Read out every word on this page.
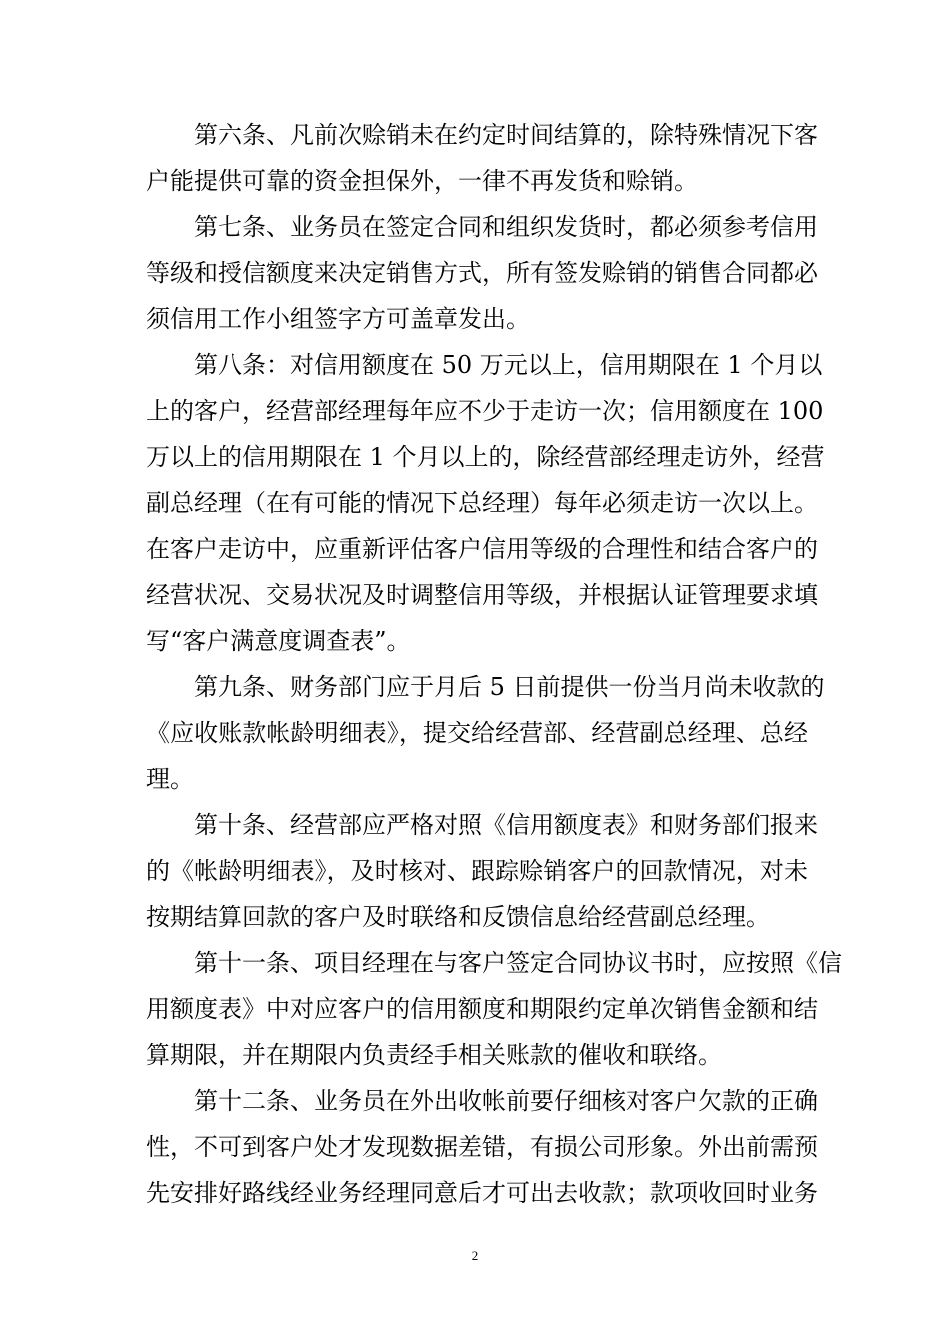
第六条、凡前次赊销未在约定时间结算的，除特殊情况下客
户能提供可靠的资金担保外，一律不再发货和赊销。
第七条、业务员在签定合同和组织发货时，都必须参考信用
等级和授信额度来决定销售方式，所有签发赊销的销售合同都必
须信用工作小组签字方可盖章发出。
第八条：对信用额度在 50 万元以上，信用期限在 1 个月以
上的客户，经营部经理每年应不少于走访一次；信用额度在 100
万以上的信用期限在 1 个月以上的，除经营部经理走访外，经营
副总经理（在有可能的情况下总经理）每年必须走访一次以上。
在客户走访中，应重新评估客户信用等级的合理性和结合客户的
经营状况、交易状况及时调整信用等级，并根据认证管理要求填
写“客户满意度调查表”。
第九条、财务部门应于月后 5 日前提供一份当月尚未收款的
《应收账款帐龄明细表》，提交给经营部、经营副总经理、总经
理。
第十条、经营部应严格对照《信用额度表》和财务部们报来
的《帐龄明细表》，及时核对、跟踪赊销客户的回款情况，对未
按期结算回款的客户及时联络和反馈信息给经营副总经理。
第十一条、项目经理在与客户签定合同协议书时，应按照《信
用额度表》中对应客户的信用额度和期限约定单次销售金额和结
算期限，并在期限内负责经手相关账款的催收和联络。
第十二条、业务员在外出收帐前要仔细核对客户欠款的正确
性，不可到客户处才发现数据差错，有损公司形象。外出前需预
先安排好路线经业务经理同意后才可出去收款；款项收回时业务
2
